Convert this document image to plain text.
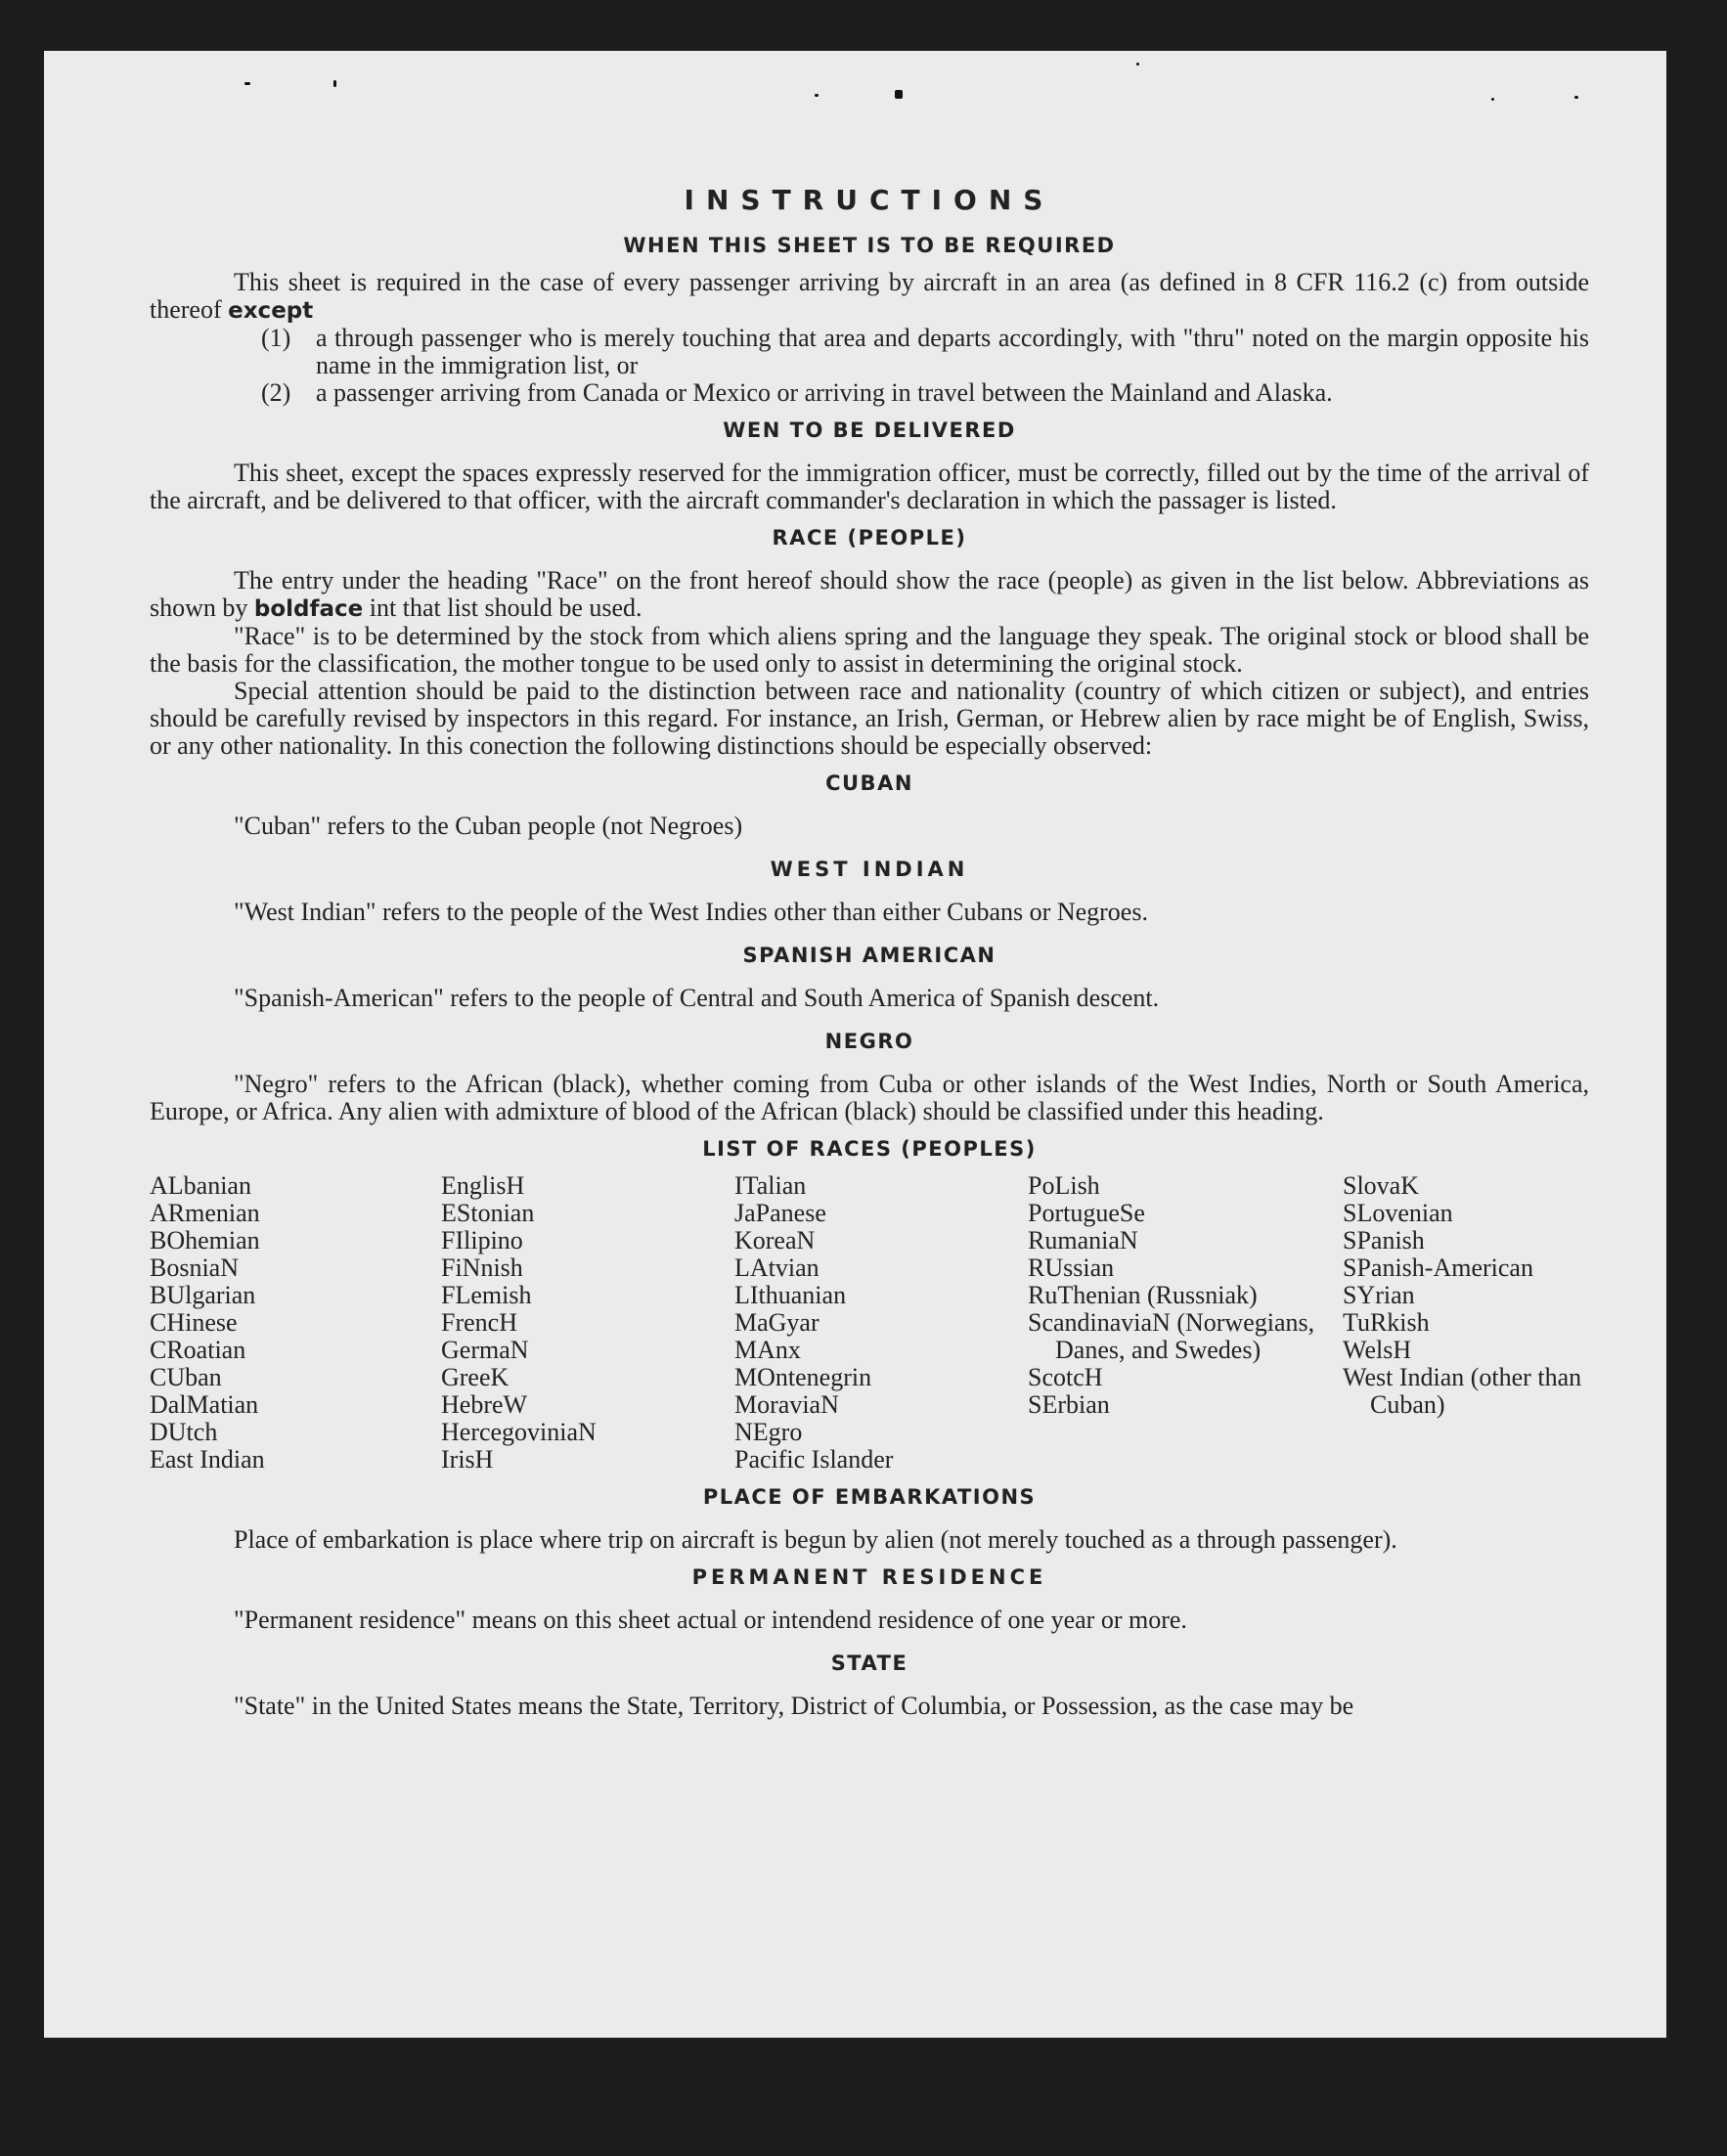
INSTRUCTIONS
WHEN THIS SHEET IS TO BE REQUIRED

This sheet is required in the case of every passenger arriving by aircraft in an area (as defined in 8 CFR 116.2 (c) from outside thereof except

(1) a through passenger who is merely touching that area and departs accordingly, with "thru" noted on the margin opposite his name in the immigration list, or
(2) a passenger arriving from Canada or Mexico or arriving in travel between the Mainland and Alaska.
WEN TO BE DELIVERED

This sheet, except the spaces expressly reserved for the immigration officer, must be correctly, filled out by the time of the arrival of the aircraft, and be delivered to that officer, with the aircraft commander's declaration in which the passager is listed.

RACE (PEOPLE)

The entry under the heading "Race" on the front hereof should show the race (people) as given in the list below. Abbreviations as shown by boldface int that list should be used.

"Race" is to be determined by the stock from which aliens spring and the language they speak. The original stock or blood shall be the basis for the classification, the mother tongue to be used only to assist in determining the original stock.

Special attention should be paid to the distinction between race and nationality (country of which citizen or subject), and entries should be carefully revised by inspectors in this regard. For instance, an Irish, German, or Hebrew alien by race might be of English, Swiss, or any other nationality. In this conection the following distinctions should be especially observed:

CUBAN

"Cuban" refers to the Cuban people (not Negroes)

WEST INDIAN

"West Indian" refers to the people of the West Indies other than either Cubans or Negroes.

SPANISH AMERICAN

"Spanish-American" refers to the people of Central and South America of Spanish descent.

NEGRO

"Negro" refers to the African (black), whether coming from Cuba or other islands of the West Indies, North or South America, Europe, or Africa. Any alien with admixture of blood of the African (black) should be classified under this heading.

LIST OF RACES (PEOPLES)
ALbanian
ARmenian
BOhemian
BosniaN
BUlgarian
CHinese
CRoatian
CUban
DalMatian
DUtch
East Indian
EnglisH
EStonian
FIlipino
FiNnish
FLemish
FrencH
GermaN
GreeK
HebreW
HercegoviniaN
IrisH
ITalian
JaPanese
KoreaN
LAtvian
LIthuanian
MaGyar
MAnx
MOntenegrin
MoraviaN
NEgro
Pacific Islander
PoLish
PortugueSe
RumaniaN
RUssian
RuThenian (Russniak)
ScandinaviaN (Norwegians, Danes, and Swedes)
ScotcH
SErbian
SlovaK
SLovenian
SPanish
SPanish-American
SYrian
TuRkish
WelsH
West Indian (other than Cuban)
PLACE OF EMBARKATIONS

Place of embarkation is place where trip on aircraft is begun by alien (not merely touched as a through passenger).

PERMANENT RESIDENCE

"Permanent residence" means on this sheet actual or intendend residence of one year or more.

STATE

"State" in the United States means the State, Territory, District of Columbia, or Possession, as the case may be
